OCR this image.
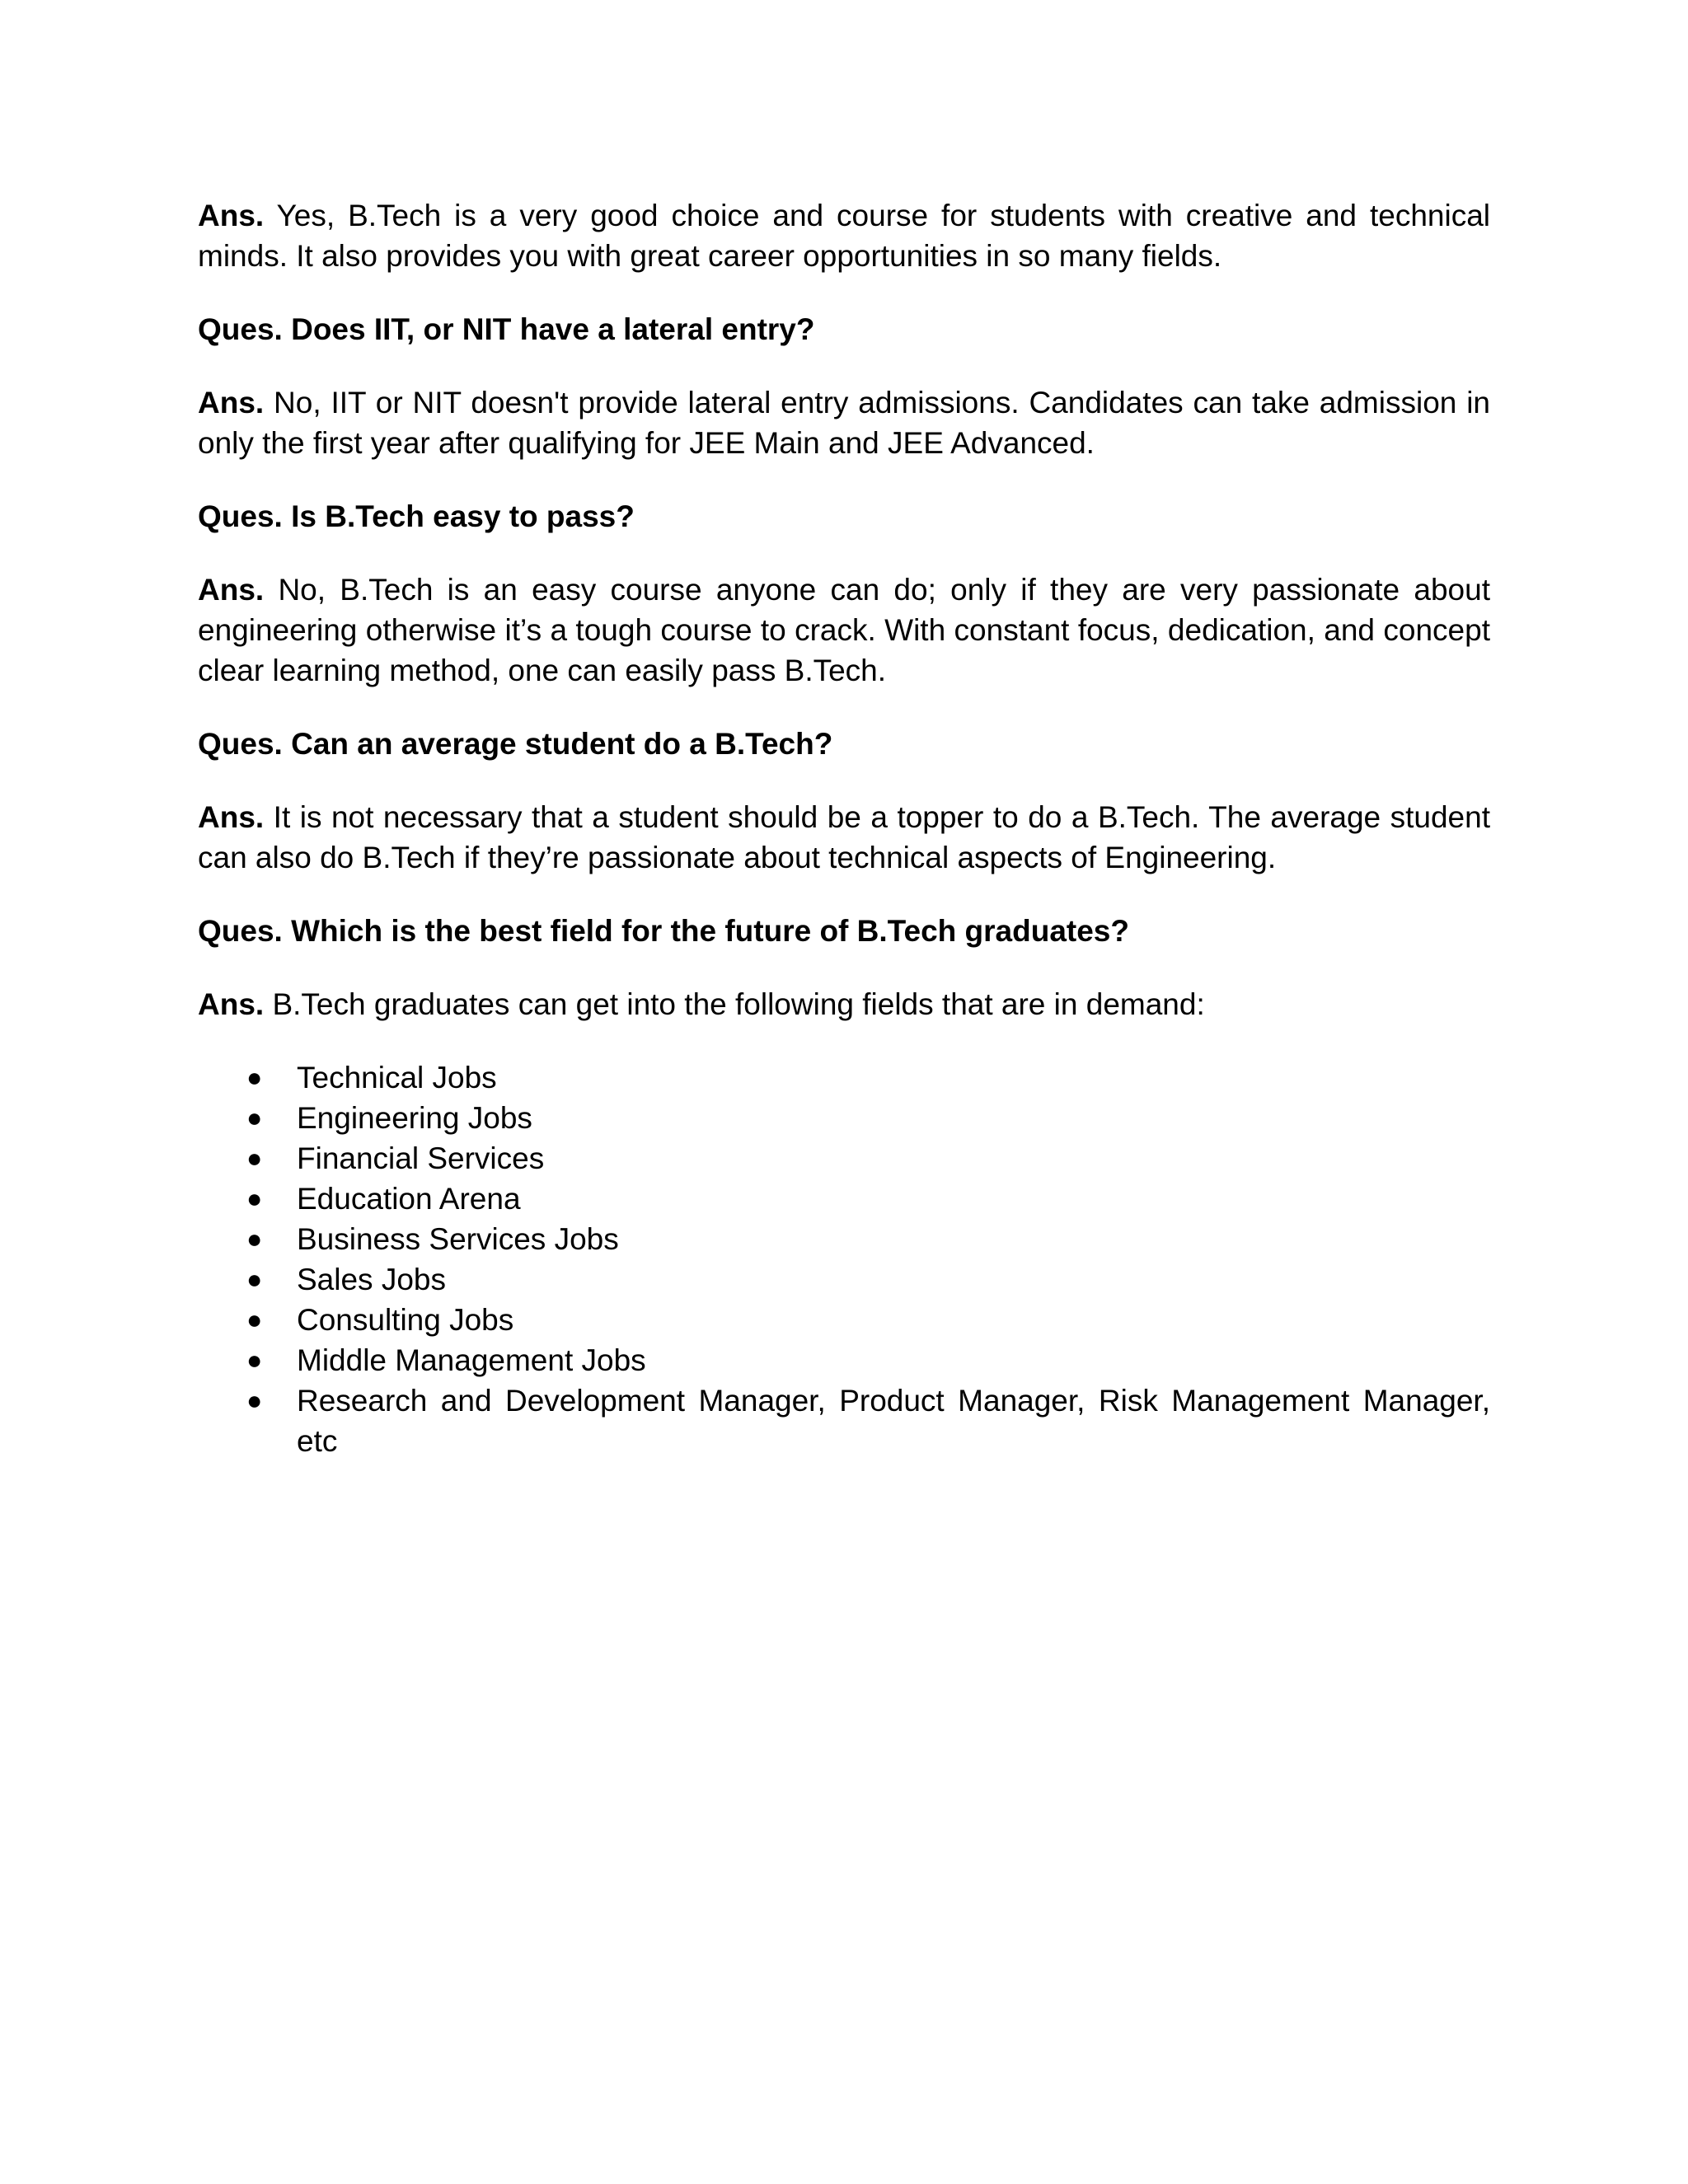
Ans. Yes, B.Tech is a very good choice and course for students with creative and technical minds. It also provides you with great career opportunities in so many fields.

Ques. Does IIT, or NIT have a lateral entry?

Ans. No, IIT or NIT doesn't provide lateral entry admissions. Candidates can take admission in only the first year after qualifying for JEE Main and JEE Advanced.

Ques. Is B.Tech easy to pass?

Ans. No, B.Tech is an easy course anyone can do; only if they are very passionate about engineering otherwise it’s a tough course to crack. With constant focus, dedication, and concept clear learning method, one can easily pass B.Tech.

Ques. Can an average student do a B.Tech?

Ans. It is not necessary that a student should be a topper to do a B.Tech. The average student can also do B.Tech if they’re passionate about technical aspects of Engineering.

Ques. Which is the best field for the future of B.Tech graduates?

Ans. B.Tech graduates can get into the following fields that are in demand:

● Technical Jobs
● Engineering Jobs
● Financial Services
● Education Arena
● Business Services Jobs
● Sales Jobs
● Consulting Jobs
● Middle Management Jobs
● Research and Development Manager, Product Manager, Risk Management Manager, etc
